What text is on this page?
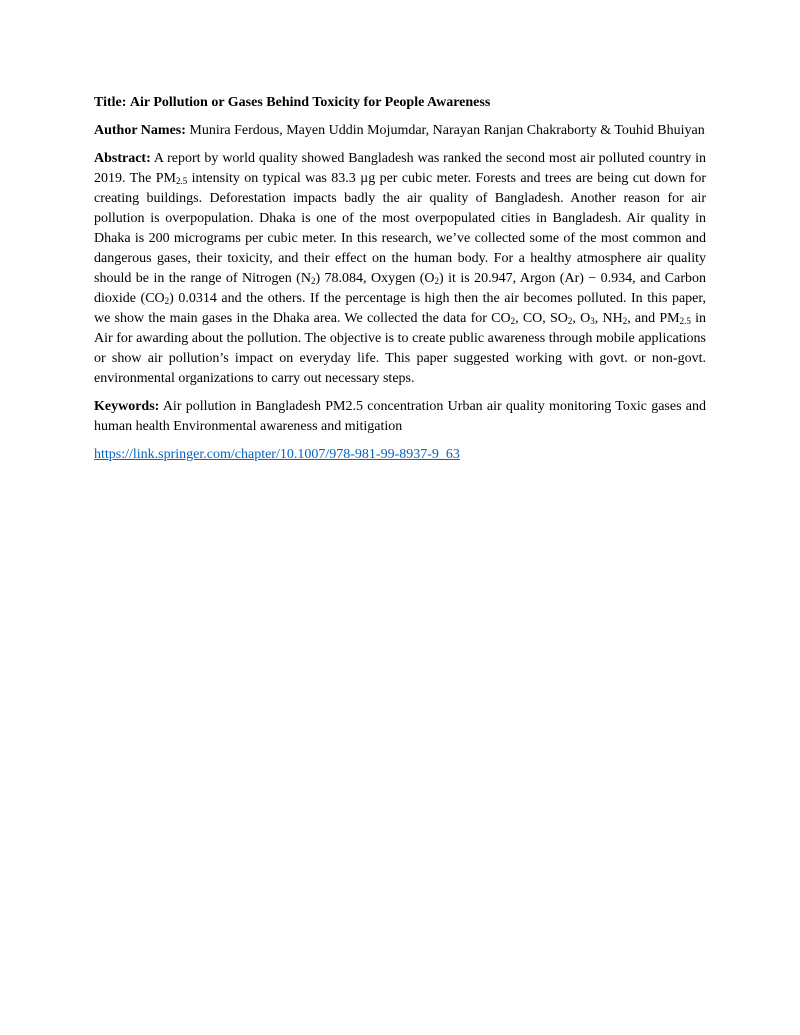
Title: Air Pollution or Gases Behind Toxicity for People Awareness

Author Names: Munira Ferdous, Mayen Uddin Mojumdar, Narayan Ranjan Chakraborty & Touhid Bhuiyan

Abstract: A report by world quality showed Bangladesh was ranked the second most air polluted country in 2019. The $PM_{2.5}$ intensity on typical was 83.3 µg per cubic meter. Forests and trees are being cut down for creating buildings. Deforestation impacts badly the air quality of Bangladesh. Another reason for air pollution is overpopulation. Dhaka is one of the most overpopulated cities in Bangladesh. Air quality in Dhaka is 200 micrograms per cubic meter. In this research, we’ve collected some of the most common and dangerous gases, their toxicity, and their effect on the human body. For a healthy atmosphere air quality should be in the range of Nitrogen $(N_2)$ 78.084, Oxygen $(O_2)$ it is 20.947, Argon (Ar) − 0.934, and Carbon dioxide $(CO_2)$ 0.0314 and the others. If the percentage is high then the air becomes polluted. In this paper, we show the main gases in the Dhaka area. We collected the data for $CO_2$, CO, $SO_2$, $O_3$, $NH_2$, and $PM_{2.5}$ in Air for awarding about the pollution. The objective is to create public awareness through mobile applications or show air pollution’s impact on everyday life. This paper suggested working with govt. or non-govt. environmental organizations to carry out necessary steps.

Keywords: Air pollution in Bangladesh PM2.5 concentration Urban air quality monitoring Toxic gases and human health Environmental awareness and mitigation

https://link.springer.com/chapter/10.1007/978-981-99-8937-9_63
